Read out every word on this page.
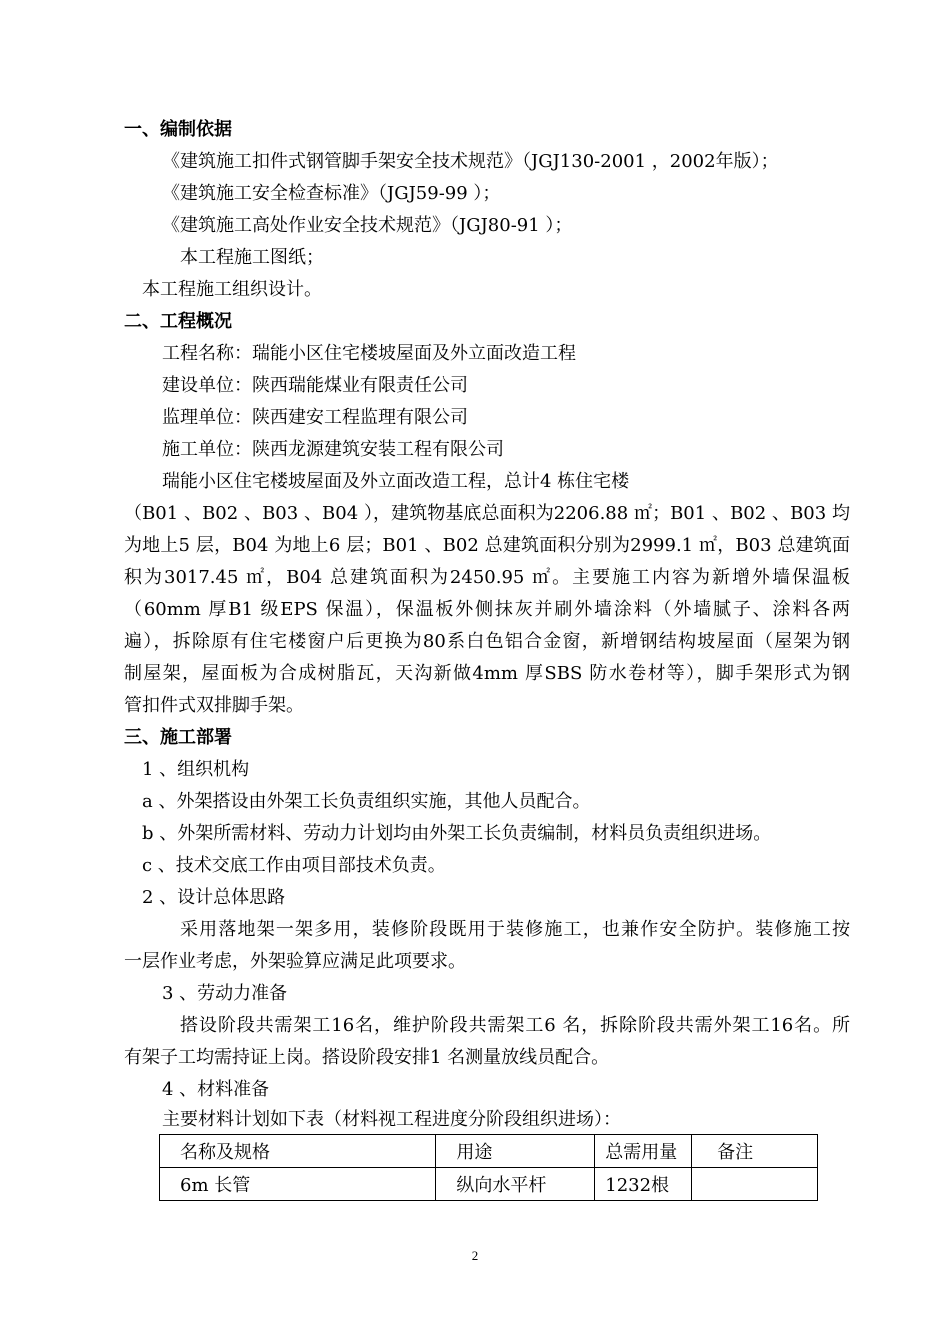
一、编制依据
《建筑施工扣件式钢管脚手架安全技术规范》（JGJ130-2001 ，2002年版）；
《建筑施工安全检查标准》（JGJ59-99 ）；
《建筑施工高处作业安全技术规范》（JGJ80-91 ）；
本工程施工图纸；
本工程施工组织设计。
二、工程概况
工程名称：瑞能小区住宅楼坡屋面及外立面改造工程
建设单位：陕西瑞能煤业有限责任公司
监理单位：陕西建安工程监理有限公司
施工单位：陕西龙源建筑安装工程有限公司
瑞能小区住宅楼坡屋面及外立面改造工程，总计4 栋住宅楼
（B01 、B02 、B03 、B04 ），建筑物基底总面积为2206.88 ㎡；B01 、B02 、B03 均
为地上5 层，B04 为地上6 层；B01 、B02 总建筑面积分别为2999.1 ㎡，B03 总建筑面
积为3017.45 ㎡，B04 总建筑面积为2450.95 ㎡。主要施工内容为新增外墙保温板
（60mm 厚B1 级EPS 保温），保温板外侧抹灰并刷外墙涂料（外墙腻子、涂料各两
遍），拆除原有住宅楼窗户后更换为80系白色铝合金窗，新增钢结构坡屋面（屋架为钢
制屋架，屋面板为合成树脂瓦，天沟新做4mm 厚SBS 防水卷材等），脚手架形式为钢
管扣件式双排脚手架。
三、施工部署
1 、组织机构
a 、外架搭设由外架工长负责组织实施，其他人员配合。
b 、外架所需材料、劳动力计划均由外架工长负责编制，材料员负责组织进场。
c 、技术交底工作由项目部技术负责。
2 、设计总体思路
采用落地架一架多用，装修阶段既用于装修施工，也兼作安全防护。装修施工按
一层作业考虑，外架验算应满足此项要求。
3 、劳动力准备
搭设阶段共需架工16名，维护阶段共需架工6 名，拆除阶段共需外架工16名。所
有架子工均需持证上岗。搭设阶段安排1 名测量放线员配合。
4 、材料准备
主要材料计划如下表（材料视工程进度分阶段组织进场）：
名称及规格	用途	总需用量	备注
6m 长管	纵向水平杆	1232根	
2
